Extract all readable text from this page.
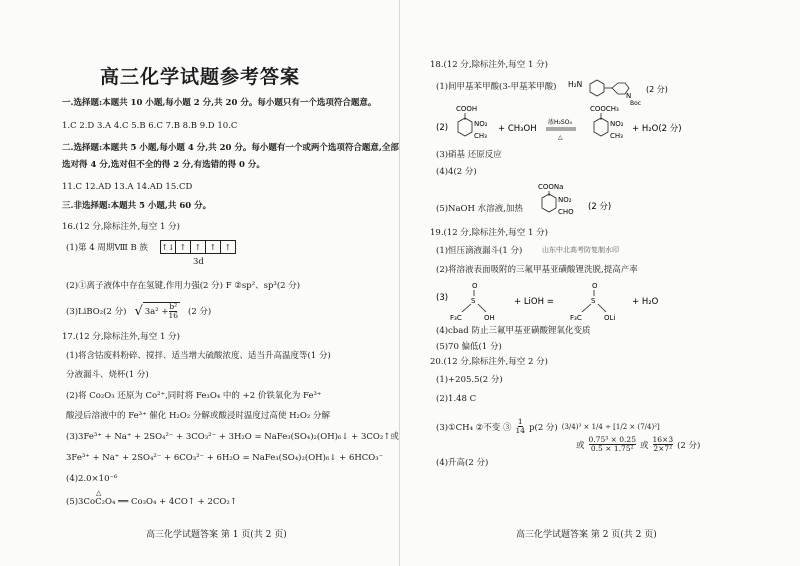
高三化学试题参考答案
一.选择题:本题共 10 小题,每小题 2 分,共 20 分。每小题只有一个选项符合题意。
1.C 2.D 3.A 4.C 5.B 6.C 7.B 8.B 9.D 10.C
二.选择题:本题共 5 小题,每小题 4 分,共 20 分。每小题有一个或两个选项符合题意,全部
选对得 4 分,选对但不全的得 2 分,有选错的得 0 分。
11.C 12.AD 13.A 14.AD 15.CD
三.非选择题:本题共 5 小题,共 60 分。
16.(12 分,除标注外,每空 1 分)
(1)第 4 周期Ⅷ B 族 ↑↓ ↑	↑	↑	↑
3d
(2)①离子液体中存在氢键,作用力强(2 分) F ②sp²、sp³(2 分)
(3)LiBO₂(2 分) √ $3a^2 + \frac{\text{b²}}{16} (2$ 分)
17.(12 分,除标注外,每空 1 分)
(1)将含钴废料粉碎、搅拌、适当增大硫酸浓度、适当升高温度等(1 分)
分液漏斗、烧杯(1 分)
(2)将 Co₂O₃ 还原为 Co²⁺,同时将 Fe₃O₄ 中的 +2 价铁氧化为 Fe³⁺
酸浸后溶液中的 Fe³⁺ 催化 H₂O₂ 分解或酸浸时温度过高使 H₂O₂ 分解
(3)3Fe³⁺ + Na⁺ + 2SO₄²⁻ + 3CO₃²⁻ + 3H₂O = NaFe₃(SO₄)₂(OH)₆↓ + 3CO₂↑或
3Fe³⁺ + Na⁺ + 2SO₄²⁻ + 6CO₃²⁻ + 6H₂O = NaFe₃(SO₄)₂(OH)₆↓ + 6HCO₃⁻
(4)2.0×10⁻⁶
△
(5)3CoC₂O₄ ══ Co₃O₄ + 4CO↑ + 2CO₂↑
高三化学试题答案 第 1 页(共 2 页)
18.(12 分,除标注外,每空 1 分)
(1)间甲基苯甲酸(3-甲基苯甲酸) H₂N
N
Boc
(2 分)
(2)
COOH
NO₂
CH₃
+ CH₃OH
浓H₂SO₄
△
COOCH₃
NO₂
CH₃
+ H₂O(2 分)
(3)硝基 还原反应
(4)4(2 分)
(5)NaOH 水溶液,加热
COONa
NO₂
CHO (2 分)
19.(12 分,除标注外,每空 1 分)
(1)恒压滴液漏斗(1 分)	山东中北高考防复制水印
(2)将溶液表面吸附的三氟甲基亚磺酸锂洗脱,提高产率
(3)
O
S
F₃C	OH
+ LiOH =
O
S
F₃C	OLi
+ H₂O
(4)cbad 防止三氟甲基亚磺酸锂氧化变质
(5)70 偏低(1 分)
20.(12 分,除标注外,每空 2 分)
(1)+205.5(2 分)
(2)1.48 C
(3)①CH₄ ②不变 ③ $\frac{1}{14} p(2$ 分) (3/4)³ × 1/4 ÷ [1/2 × (7/4)²]
或 $\frac{\text{0.75³ × 0.25}}{\text{0.5 × 1.75²}}$ 或 $\frac{16\times 3}{\text{2×7²}} (2$ 分)
(4)升高(2 分)
高三化学试题答案 第 2 页(共 2 页)
